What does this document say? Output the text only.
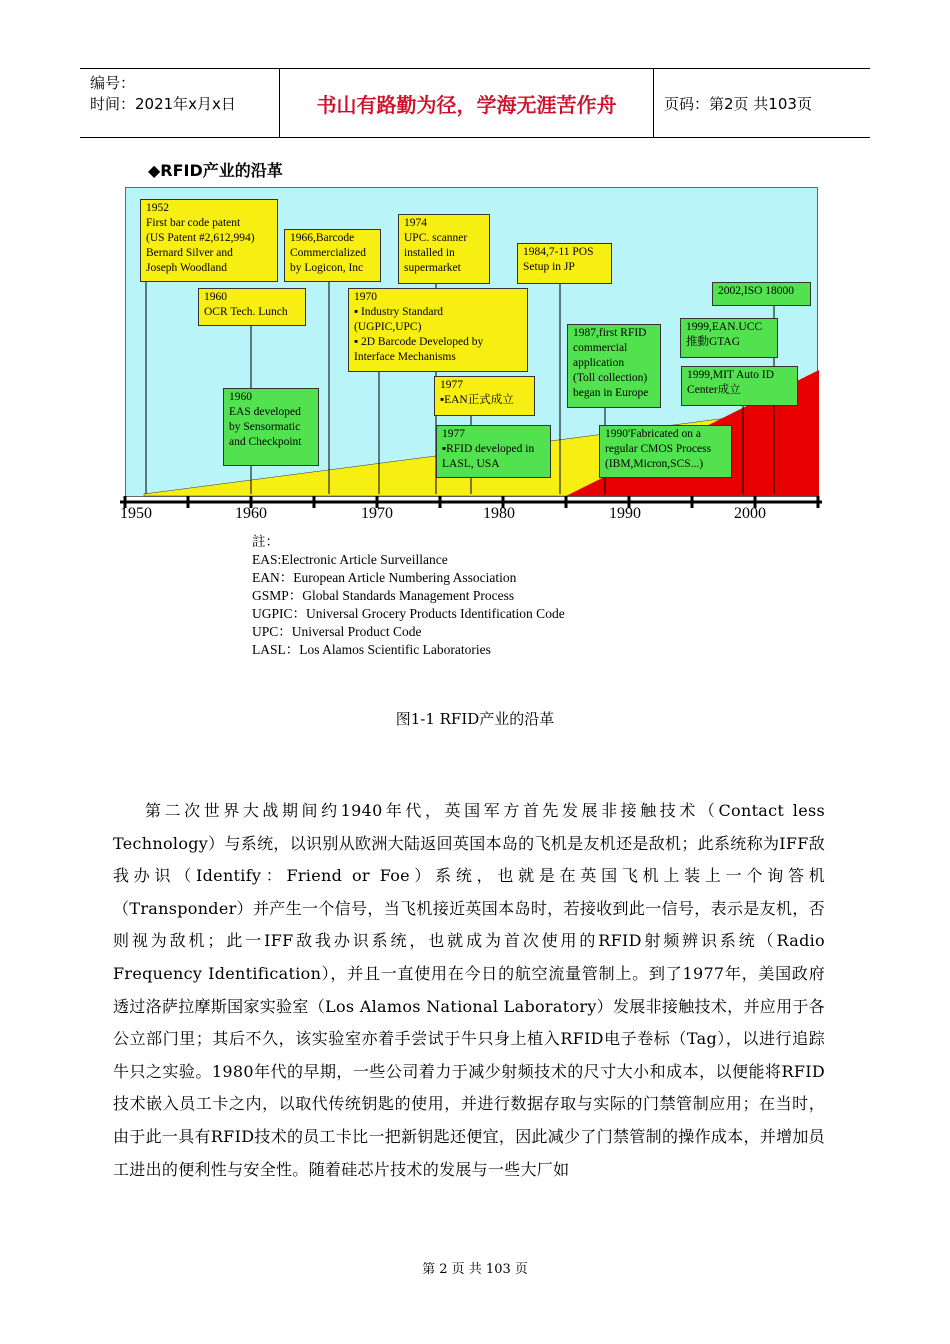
编号：
时间：2021年x月x日	书山有路勤为径，学海无涯苦作舟	页码：第2页 共103页
◆RFID产业的沿革
1952
First bar code patent
(US Patent #2,612,994)
Bernard Silver and
Joseph Woodland
1960
OCR Tech. Lunch
1960
EAS developed
by Sensormatic
and Checkpoint
1966,Barcode
Commercialized
by Logicon, Inc
1970
▪ Industry Standard
(UGPIC,UPC)
▪ 2D Barcode Developed by
Interface Mechanisms
1974
UPC. scanner
installed in
supermarket
1977
▪EAN正式成立
1977
▪RFID developed in
LASL, USA
1984,7-11 POS
Setup in JP
1987,first RFID
commercial
application
(Toll collection)
began in Europe
1990'Fabricated on a
regular CMOS Process
(IBM,Micron,SCS...)
2002,ISO 18000
1999,EAN.UCC
推動GTAG
1999,MIT Auto ID
Center成立
1950	1960	1970	1980	1990	2000
註：
EAS:Electronic Article Surveillance
EAN：European Article Numbering Association
GSMP：Global Standards Management Process
UGPIC：Universal Grocery Products Identification Code
UPC：Universal Product Code
LASL：Los Alamos Scientific Laboratories
图1-1 RFID产业的沿革
第二次世界大战期间约1940年代，英国军方首先发展非接触技术（Contact less Technology）与系统，以识别从欧洲大陆返回英国本岛的飞机是友机还是敌机；此系统称为IFF敌我办识（Identify：Friend or Foe）系统，也就是在英国飞机上装上一个询答机（Transponder）并产生一个信号，当飞机接近英国本岛时，若接收到此一信号，表示是友机，否则视为敌机；此一IFF敌我办识系统，也就成为首次使用的RFID射频辨识系统（Radio Frequency Identification），并且一直使用在今日的航空流量管制上。到了1977年，美国政府透过洛萨拉摩斯国家实验室（Los Alamos National Laboratory）发展非接触技术，并应用于各公立部门里；其后不久，该实验室亦着手尝试于牛只身上植入RFID电子卷标（Tag），以进行追踪牛只之实验。1980年代的早期，一些公司着力于减少射频技术的尺寸大小和成本，以便能将RFID技术嵌入员工卡之内，以取代传统钥匙的使用，并进行数据存取与实际的门禁管制应用；在当时，由于此一具有RFID技术的员工卡比一把新钥匙还便宜，因此减少了门禁管制的操作成本，并增加员工进出的便利性与安全性。随着硅芯片技术的发展与一些大厂如
第 2 页 共 103 页
